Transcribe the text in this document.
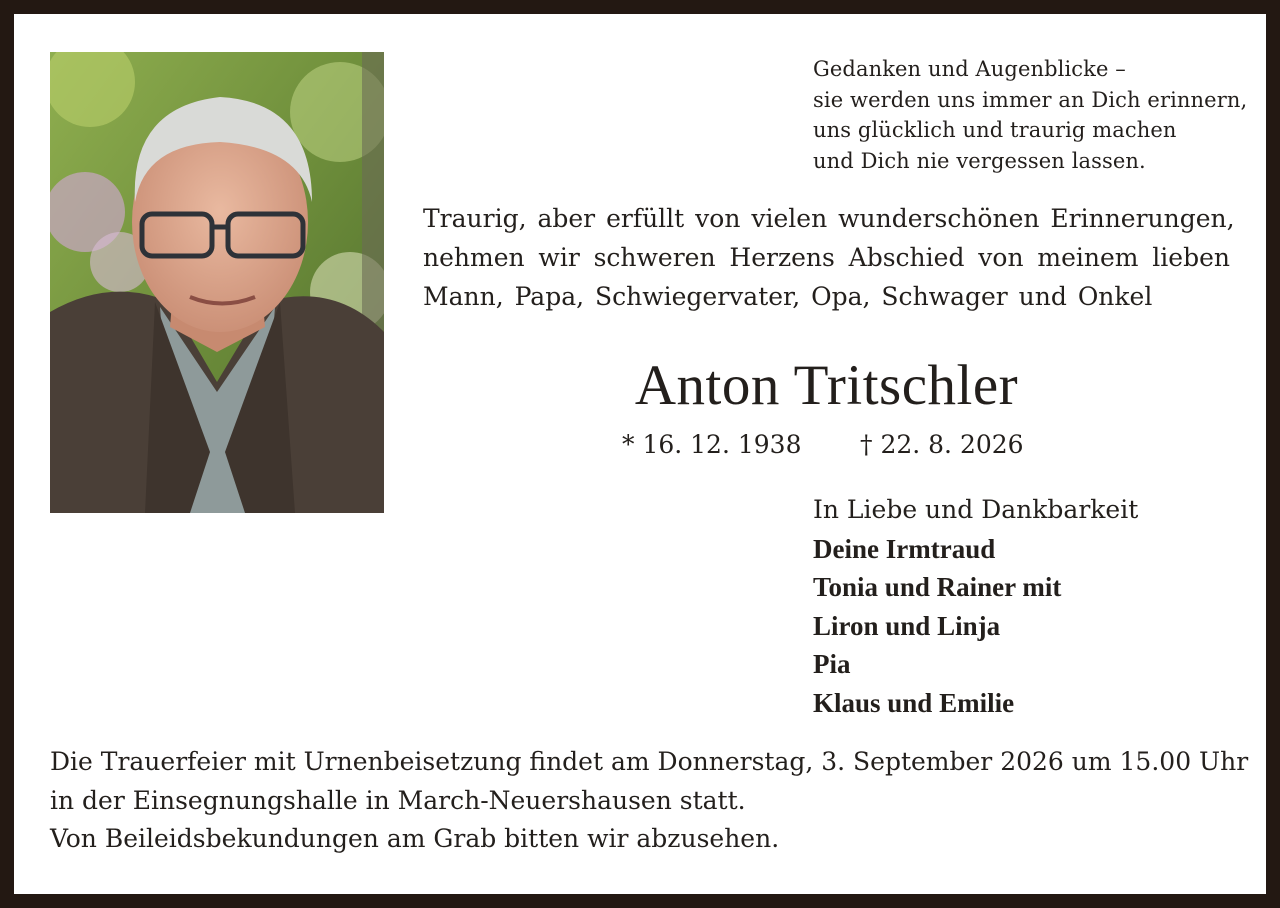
Gedanken und Augenblicke –
sie werden uns immer an Dich erinnern,
uns glücklich und traurig machen
und Dich nie vergessen lassen.
Traurig, aber erfüllt von vielen wunderschönen Erinnerungen,
nehmen wir schweren Herzens Abschied von meinem lieben
Mann, Papa, Schwiegervater, Opa, Schwager und Onkel
Anton Tritschler
* 16. 12. 1938 † 22. 8. 2026
In Liebe und Dankbarkeit
Deine Irmtraud
Tonia und Rainer mit
Liron und Linja
Pia
Klaus und Emilie
Die Trauerfeier mit Urnenbeisetzung findet am Donnerstag, 3. September 2026 um 15.00 Uhr
in der Einsegnungshalle in March-Neuershausen statt.
Von Beileidsbekundungen am Grab bitten wir abzusehen.
